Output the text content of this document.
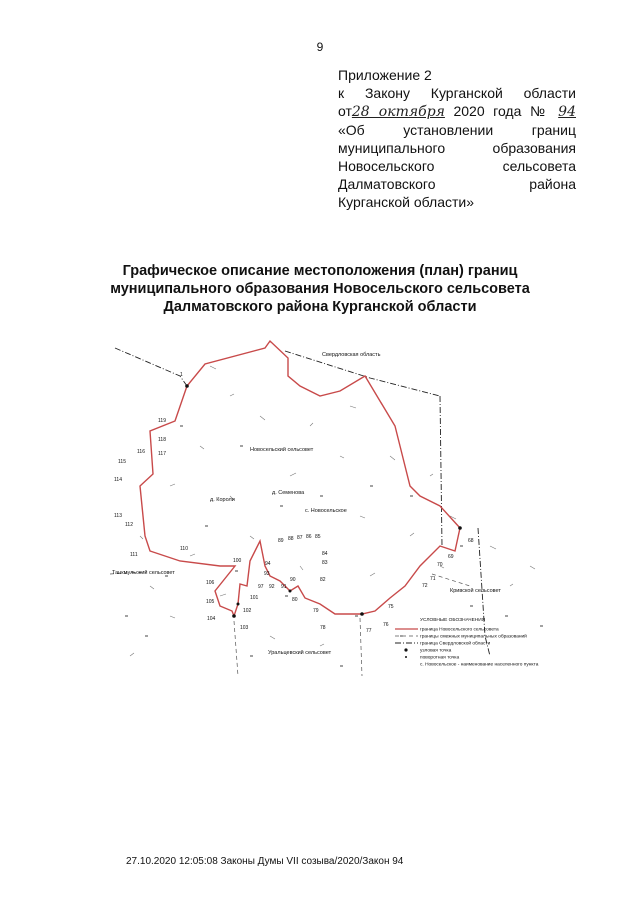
9
Приложение 2
к Закону Курганской области
от28 октября 2020 года № 94
«Об установлении границ
муниципального образования
Новосельского сельсовета
Далматовского района
Курганской области»
Графическое описание местоположения (план) границ
муниципального образования Новосельского сельсовета
Далматовского района Курганской области
Свердловская область
Новосельский сельсовет
Танкмульский сельсовет
Кривской сельсовет
Уральцевский сельсовет
д. Короли
д. Семенова
с. Новосельское
1
68
69
70
71
72
75
76
77
78
79
80
82
83
84
85
86
87
88
89
90
91
92
93
94
97
100
101
102
103
104
105
106
110
111
112
113
114
115
116	117
118
119
УСЛОВНЫЕ ОБОЗНАЧЕНИЯ
граница Новосельского сельсовета
границы смежных муниципальных образований
граница Свердловской области
узловая точка
поворотная точка
с. Новосельское - наименование населенного пункта
27.10.2020 12:05:08 Законы Думы VII созыва/2020/Закон 94
